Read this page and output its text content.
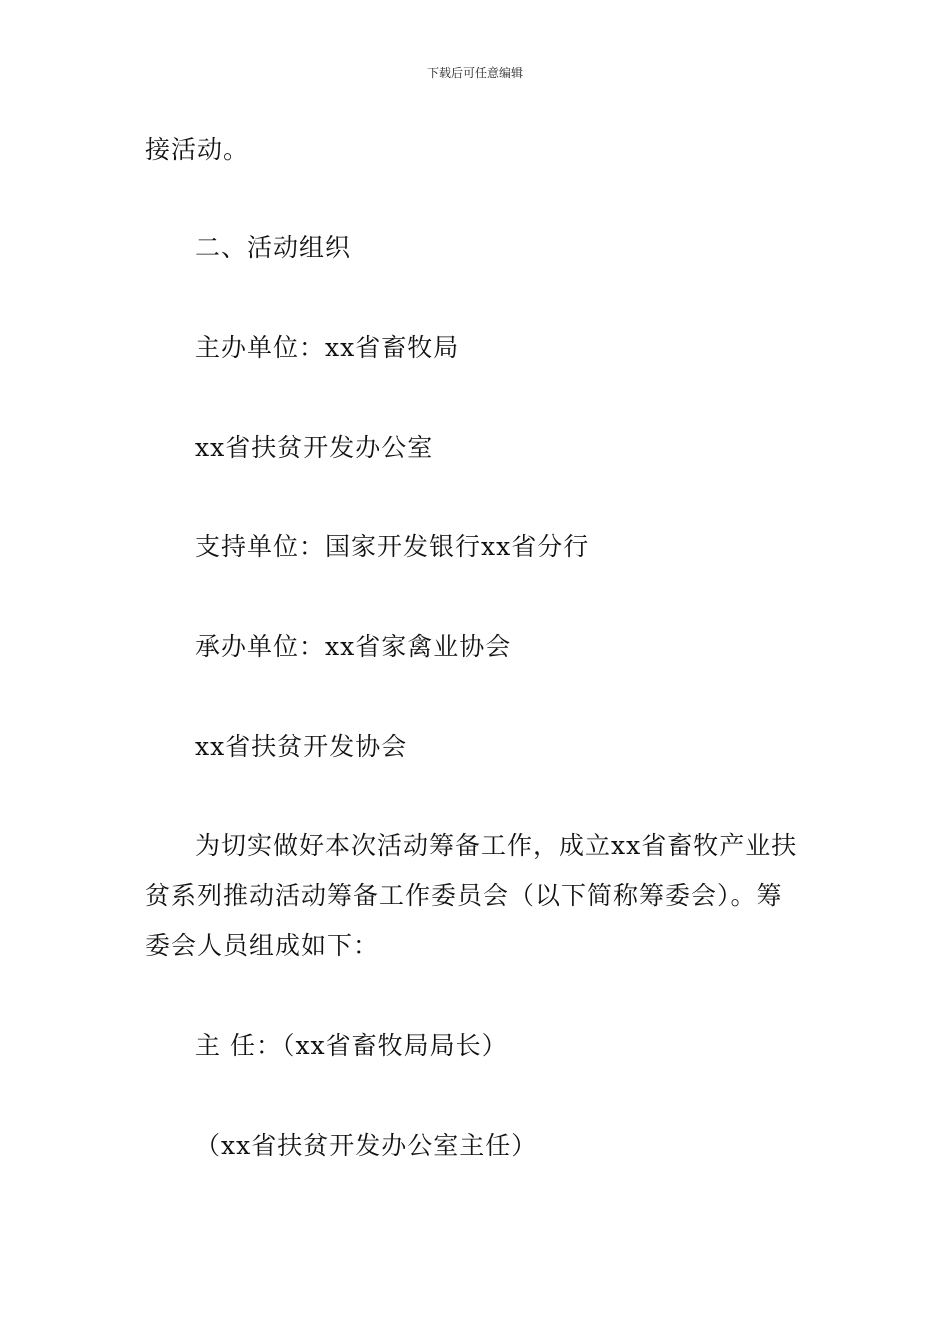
下载后可任意编辑
接活动。
二、活动组织
主办单位：xx省畜牧局
xx省扶贫开发办公室
支持单位：国家开发银行xx省分行
承办单位：xx省家禽业协会
xx省扶贫开发协会
为切实做好本次活动筹备工作，成立xx省畜牧产业扶
贫系列推动活动筹备工作委员会（以下简称筹委会）。筹
委会人员组成如下：
主 任：（xx省畜牧局局长）
（xx省扶贫开发办公室主任）
